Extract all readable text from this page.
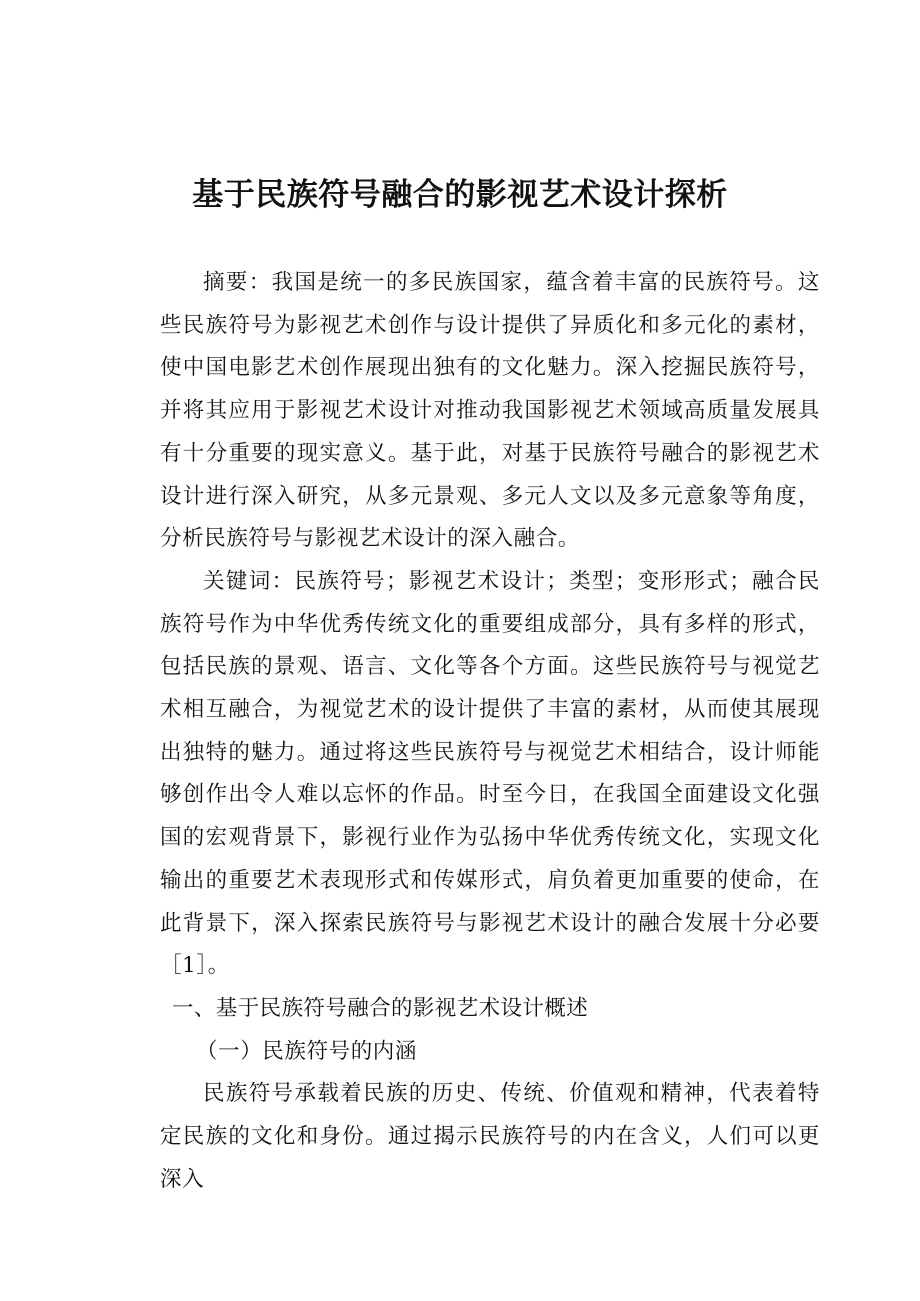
基于民族符号融合的影视艺术设计探析

摘要：我国是统一的多民族国家，蕴含着丰富的民族符号。这些民族符号为影视艺术创作与设计提供了异质化和多元化的素材，使中国电影艺术创作展现出独有的文化魅力。深入挖掘民族符号，并将其应用于影视艺术设计对推动我国影视艺术领域高质量发展具有十分重要的现实意义。基于此，对基于民族符号融合的影视艺术设计进行深入研究，从多元景观、多元人文以及多元意象等角度，分析民族符号与影视艺术设计的深入融合。

关键词：民族符号；影视艺术设计；类型；变形形式；融合民族符号作为中华优秀传统文化的重要组成部分，具有多样的形式，包括民族的景观、语言、文化等各个方面。这些民族符号与视觉艺术相互融合，为视觉艺术的设计提供了丰富的素材，从而使其展现出独特的魅力。通过将这些民族符号与视觉艺术相结合，设计师能够创作出令人难以忘怀的作品。时至今日，在我国全面建设文化强国的宏观背景下，影视行业作为弘扬中华优秀传统文化，实现文化输出的重要艺术表现形式和传媒形式，肩负着更加重要的使命，在此背景下，深入探索民族符号与影视艺术设计的融合发展十分必要［1］。

一、基于民族符号融合的影视艺术设计概述
（一）民族符号的内涵

民族符号承载着民族的历史、传统、价值观和精神，代表着特定民族的文化和身份。通过揭示民族符号的内在含义，人们可以更深入
